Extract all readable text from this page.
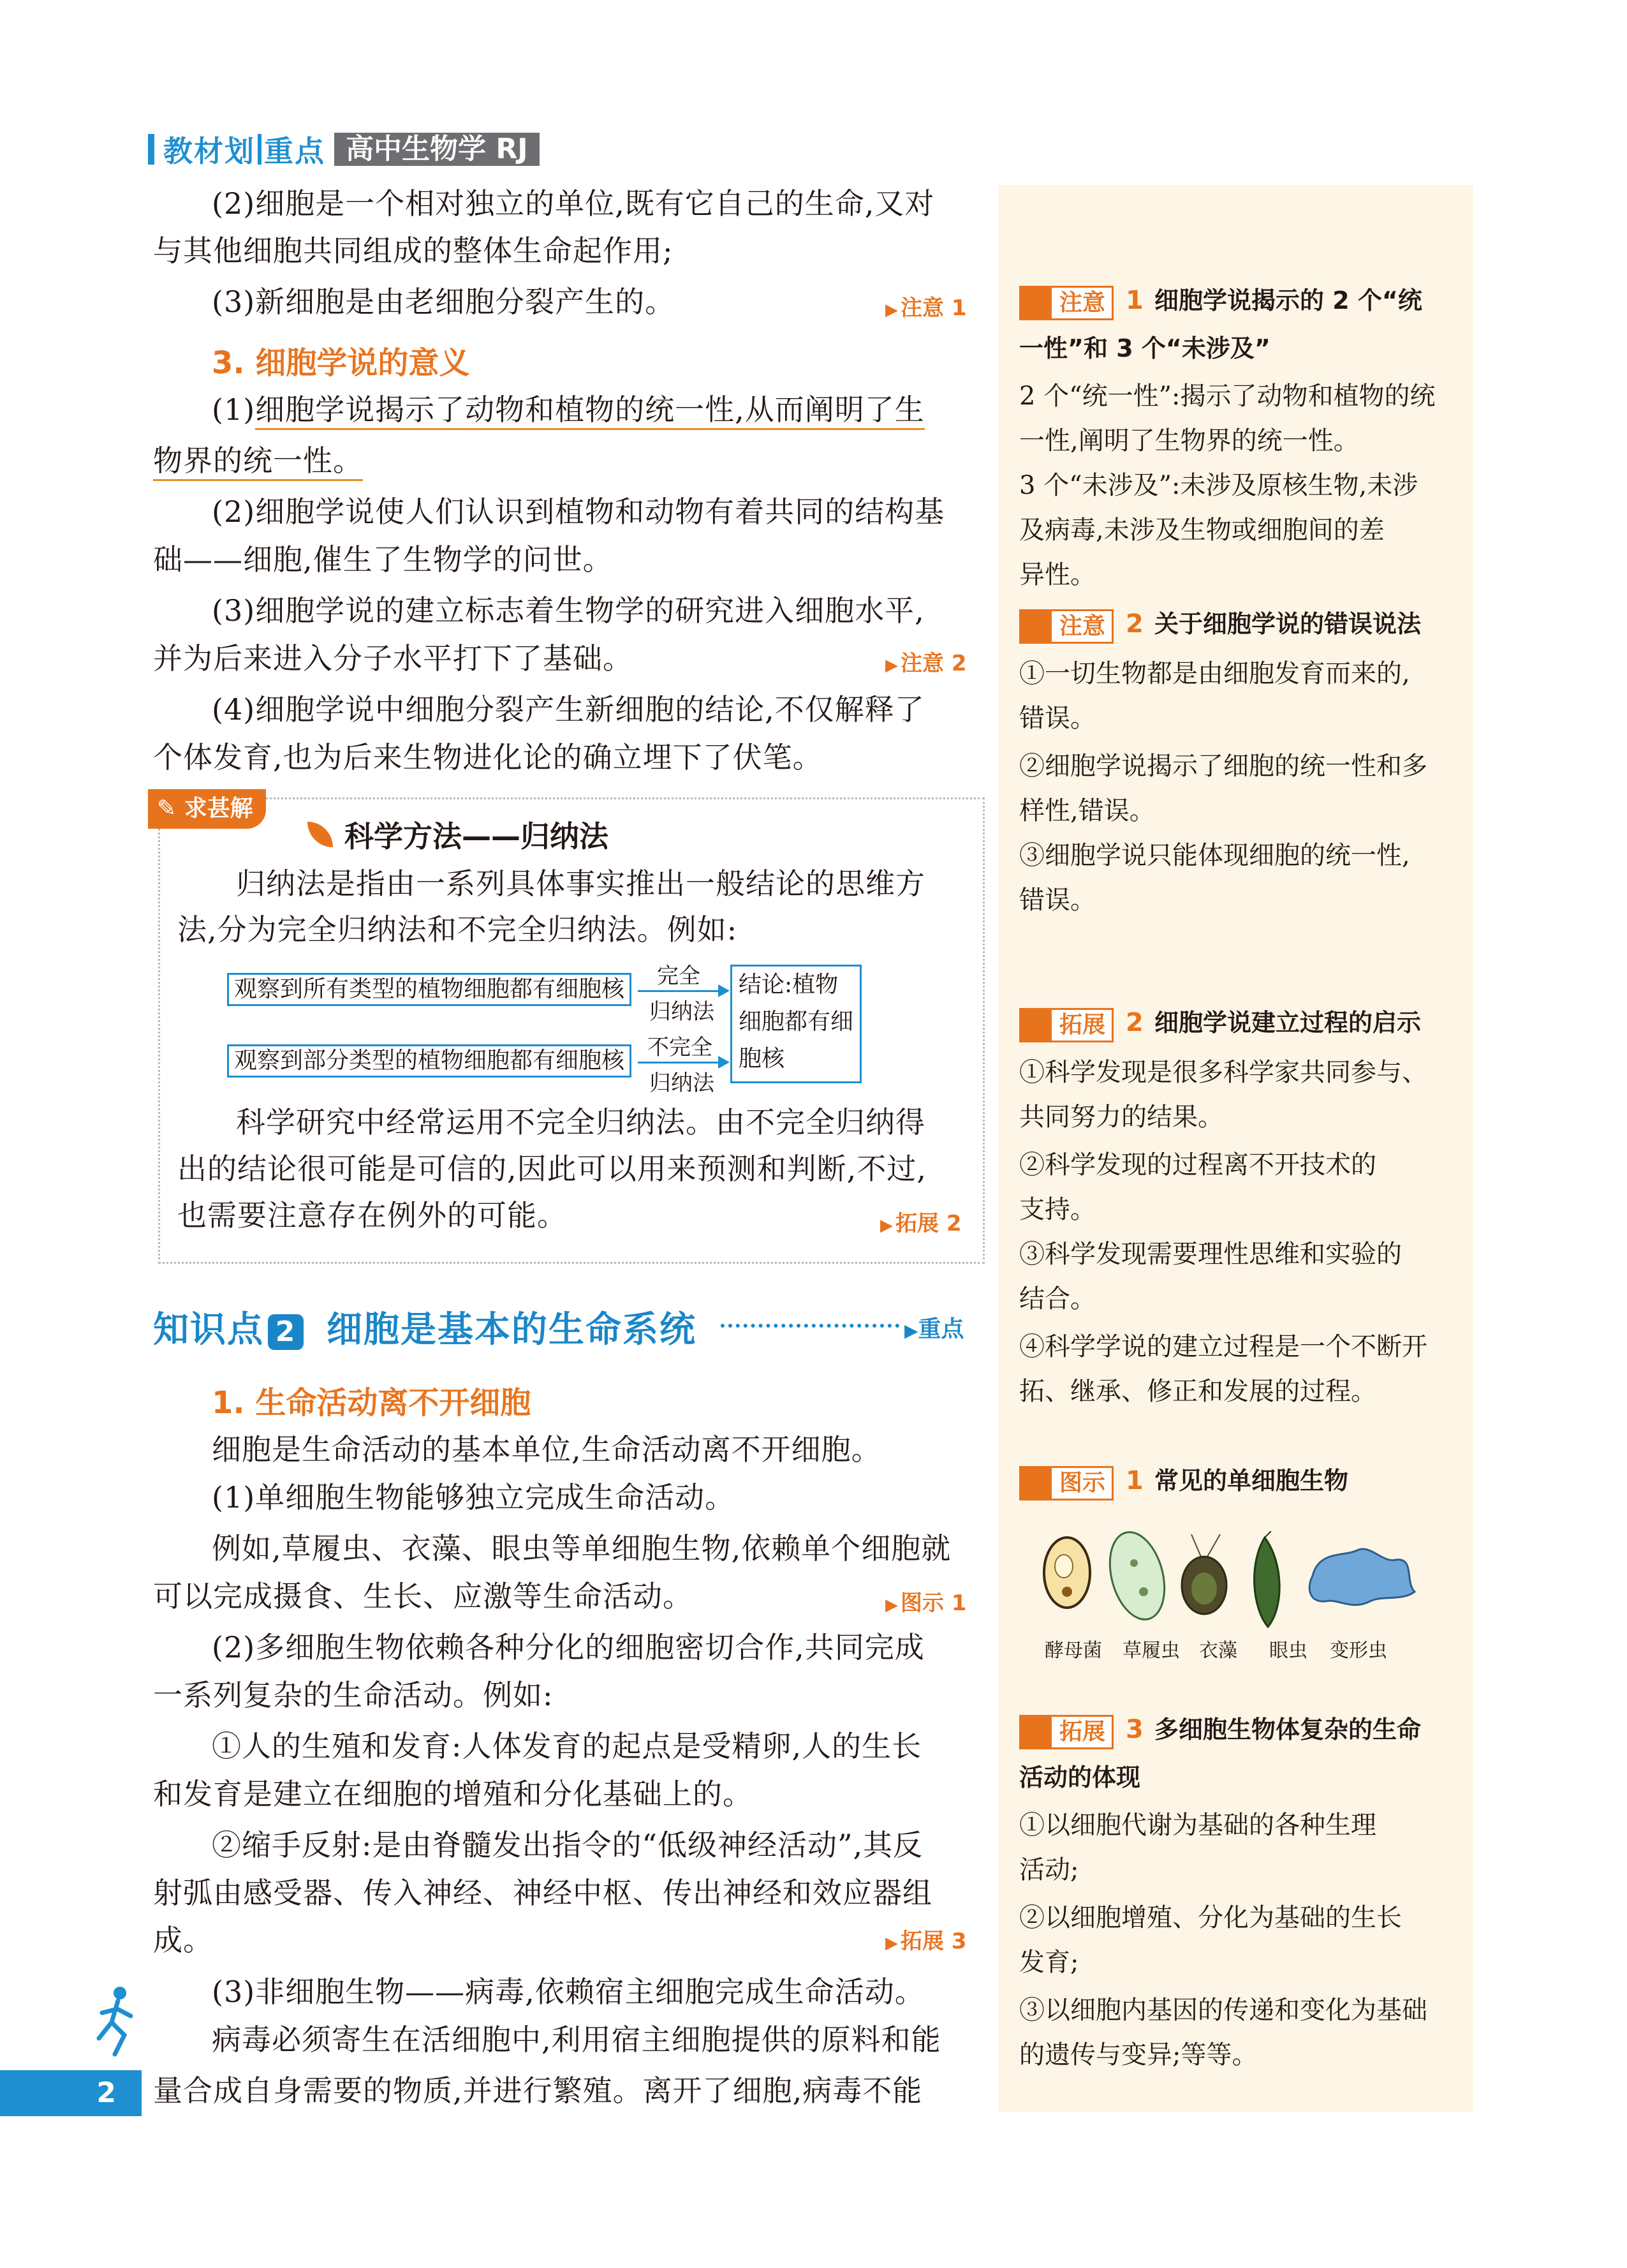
教材划 重点 高中生物学 RJ
(2)细胞是一个相对独立的单位,既有它自己的生命,又对
与其他细胞共同组成的整体生命起作用;
(3)新细胞是由老细胞分裂产生的。	▶ 注意 1
3. 细胞学说的意义
(1)细胞学说揭示了动物和植物的统一性,从而阐明了生
物界的统一性。
(2)细胞学说使人们认识到植物和动物有着共同的结构基
础——细胞,催生了生物学的问世。
(3)细胞学说的建立标志着生物学的研究进入细胞水平,
并为后来进入分子水平打下了基础。	▶ 注意 2
(4)细胞学说中细胞分裂产生新细胞的结论,不仅解释了
个体发育,也为后来生物进化论的确立埋下了伏笔。
✎ 求甚解
科学方法——归纳法
归纳法是指由一系列具体事实推出一般结论的思维方
法,分为完全归纳法和不完全归纳法。例如:
观察到所有类型的植物细胞都有细胞核
观察到部分类型的植物细胞都有细胞核
完全
归纳法
不完全
归纳法
结论:植物
细胞都有细
胞核
科学研究中经常运用不完全归纳法。由不完全归纳得
出的结论很可能是可信的,因此可以用来预测和判断,不过,
也需要注意存在例外的可能。	▶ 拓展 2
知识点 2 细胞是基本的生命系统	▶重点
1. 生命活动离不开细胞
细胞是生命活动的基本单位,生命活动离不开细胞。
(1)单细胞生物能够独立完成生命活动。
例如,草履虫、衣藻、眼虫等单细胞生物,依赖单个细胞就
可以完成摄食、生长、应激等生命活动。	▶ 图示 1
(2)多细胞生物依赖各种分化的细胞密切合作,共同完成
一系列复杂的生命活动。例如:
①人的生殖和发育:人体发育的起点是受精卵,人的生长
和发育是建立在细胞的增殖和分化基础上的。
②缩手反射:是由脊髓发出指令的“低级神经活动”,其反
射弧由感受器、传入神经、神经中枢、传出神经和效应器组成。	▶ 拓展 3
(3)非细胞生物——病毒,依赖宿主细胞完成生命活动。
病毒必须寄生在活细胞中,利用宿主细胞提供的原料和能
量合成自身需要的物质,并进行繁殖。离开了细胞,病毒不能
注意 1 细胞学说揭示的 2 个“统
一性”和 3 个“未涉及”
2 个“统一性”:揭示了动物和植物的统
一性,阐明了生物界的统一性。
3 个“未涉及”:未涉及原核生物,未涉
及病毒,未涉及生物或细胞间的差
异性。
注意 2 关于细胞学说的错误说法
①一切生物都是由细胞发育而来的,
错误。
②细胞学说揭示了细胞的统一性和多
样性,错误。
③细胞学说只能体现细胞的统一性,
错误。
拓展 2 细胞学说建立过程的启示
①科学发现是很多科学家共同参与、
共同努力的结果。
②科学发现的过程离不开技术的
支持。
③科学发现需要理性思维和实验的
结合。
④科学学说的建立过程是一个不断开
拓、继承、修正和发展的过程。
图示 1 常见的单细胞生物
酵母菌 草履虫 衣藻 眼虫 变形虫
拓展 3 多细胞生物体复杂的生命
活动的体现
①以细胞代谢为基础的各种生理
活动;
②以细胞增殖、分化为基础的生长
发育;
③以细胞内基因的传递和变化为基础
的遗传与变异;等等。
2
